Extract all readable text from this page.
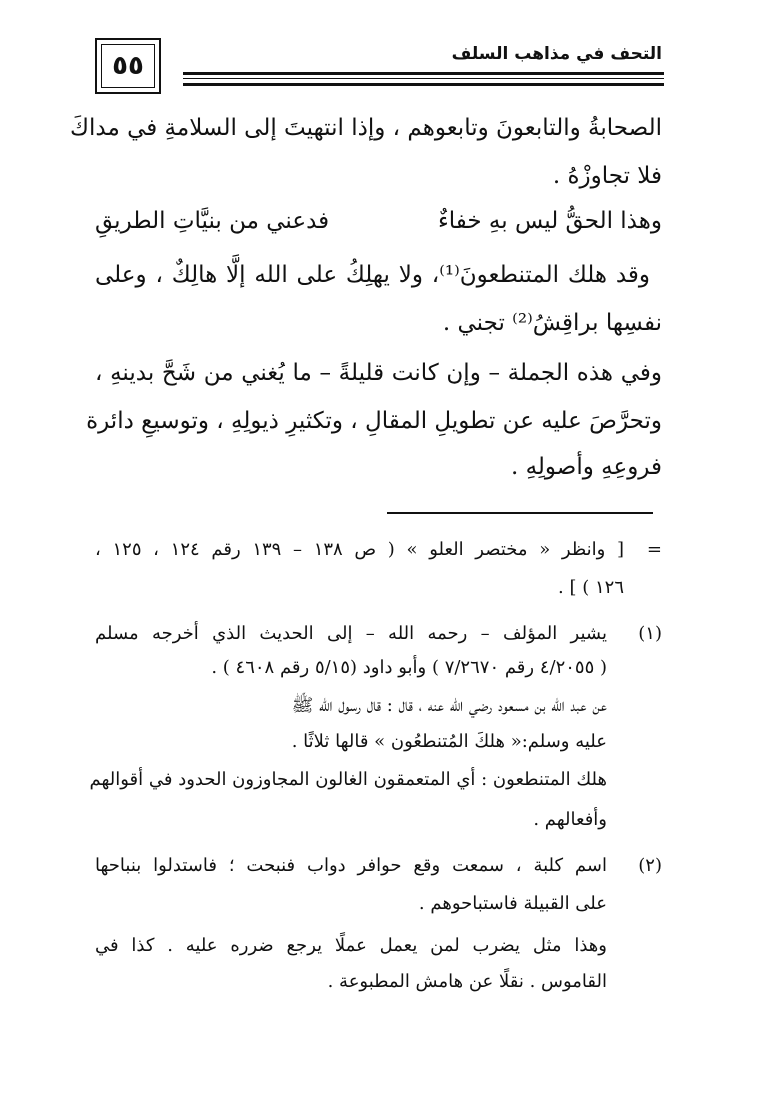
٥٥	التحف في مذاهب السلف
الصحابةُ والتابعونَ وتابعوهم ، وإذا انتهيتَ إلى السلامةِ في مداكَ
فلا تجاوزْهُ .
وهذا الحقُّ ليس بهِ خفاءٌ
فدعني من بنيَّاتِ الطريقِ
وقد هلك المتنطعونَ⁽¹⁾، ولا يهلِكُ على الله إلَّا هالِكٌ ، وعلى
نفسِها براقِشُ⁽²⁾ تجني .
وفي هذه الجملة – وإن كانت قليلةً – ما يُغني من شَحَّ بدينهِ ،
وتحرَّصَ عليه عن تطويلِ المقالِ ، وتكثيرِ ذيولِهِ ، وتوسيعِ دائرة
فروعِهِ وأصولِهِ .
=
[ وانظر « مختصر العلو » ( ص ١٣٨ – ١٣٩ رقم ١٢٤ ، ١٢٥ ،
١٢٦ ) ] .
(١)
يشير المؤلف – رحمه الله – إلى الحديث الذي أخرجه مسلم
( ٤/٢٠٥٥ رقم ٧/٢٦٧٠ ) وأبو داود (٥/١٥ رقم ٤٦٠٨ ) .
عن عبد الله بن مسعود رضي الله عنه ، قال : قال رسول الله ﷺ
عليه وسلم:« هلكَ المُتنطعُون » قالها ثلاثًا .
هلك المتنطعون : أي المتعمقون الغالون المجاوزون الحدود في أقوالهم
وأفعالهم .
(٢)
اسم كلبة ، سمعت وقع حوافر دواب فنبحت ؛ فاستدلوا بنباحها
على القبيلة فاستباحوهم .
وهذا مثل يضرب لمن يعمل عملًا يرجع ضرره عليه . كذا في
القاموس . نقلًا عن هامش المطبوعة .
